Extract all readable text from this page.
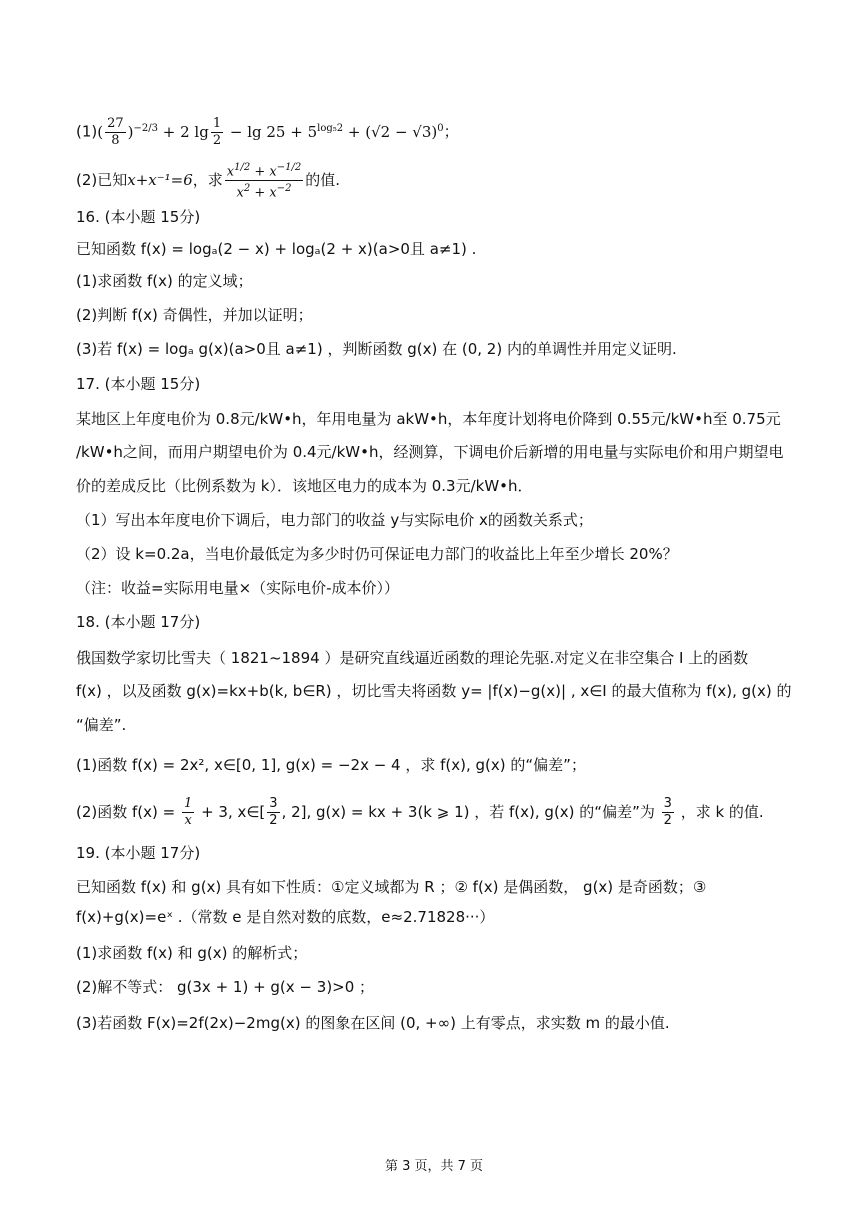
$(1)( \frac{27}{8} )^{-2/3} + 2$ $\lg \frac{1}{2} - \lg 25 + 5^{log_52} + (√2 - √3)^0$；
(2)已知x+x⁻¹=6，求 $\frac{x^{1/2} + x^{-1/2}}{x^2 + x^{-2}}$ 的值.
16. (本小题 15分)
已知函数 f(x) = logₐ(2 − x) + logₐ(2 + x)(a>0且 a≠1) .
(1)求函数 f(x) 的定义域；
(2)判断 f(x) 奇偶性，并加以证明；
(3)若 f(x) = logₐ g(x)(a>0且 a≠1) ，判断函数 g(x) 在 (0, 2) 内的单调性并用定义证明.
17. (本小题 15分)
某地区上年度电价为 0.8元/kW•h，年用电量为 akW•h，本年度计划将电价降到 0.55元/kW•h至 0.75元
/kW•h之间，而用户期望电价为 0.4元/kW•h，经测算，下调电价后新增的用电量与实际电价和用户期望电
价的差成反比（比例系数为 k）．该地区电力的成本为 0.3元/kW•h．
（1）写出本年度电价下调后，电力部门的收益 y与实际电价 x的函数关系式；
（2）设 k=0.2a，当电价最低定为多少时仍可保证电力部门的收益比上年至少增长 20%？
（注：收益=实际用电量×（实际电价-成本价））
18. (本小题 17分)
俄国数学家切比雪夫（ 1821~1894 ）是研究直线逼近函数的理论先驱.对定义在非空集合 I 上的函数
f(x) ，以及函数 g(x)=kx+b(k, b∈R) ，切比雪夫将函数 y= |f(x)−g(x)| , x∈I 的最大值称为 f(x), g(x) 的
“偏差”.
(1)函数 f(x) = 2x², x∈[0, 1], g(x) = −2x − 4 ，求 f(x), g(x) 的“偏差”；
(2)函数 $f(x) = \frac{1}{x} + 3$, x∈[ $\frac{3}{2}$ , 2], g(x) = kx + 3(k ⩾ 1) ，若 f(x), g(x) 的“偏差”为 $\frac{3}{2}$ ，求 k 的值.
19. (本小题 17分)
已知函数 f(x) 和 g(x) 具有如下性质：①定义域都为 R ；② f(x) 是偶函数， g(x) 是奇函数；③
f(x)+g(x)=eˣ .（常数 e 是自然对数的底数，e≈2.71828···）
(1)求函数 f(x) 和 g(x) 的解析式；
(2)解不等式： g(3x + 1) + g(x − 3)>0 ；
(3)若函数 F(x)=2f(2x)−2mg(x) 的图象在区间 (0, +∞) 上有零点，求实数 m 的最小值.
第 3 页，共 7 页
